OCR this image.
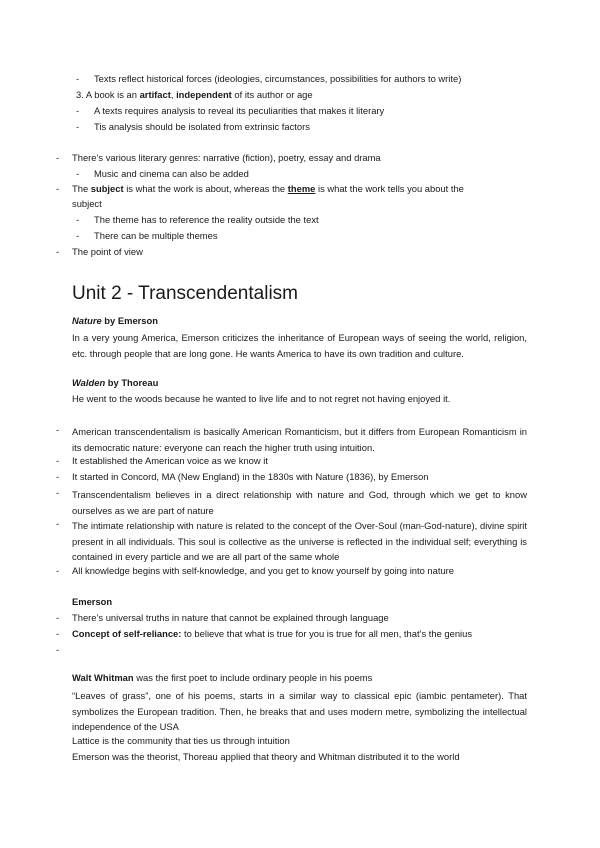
- Texts reflect historical forces (ideologies, circumstances, possibilities for authors to write)
3. A book is an artifact, independent of its author or age
- A texts requires analysis to reveal its peculiarities that makes it literary
- Tis analysis should be isolated from extrinsic factors
- There’s various literary genres: narrative (fiction), poetry, essay and drama
- Music and cinema can also be added
- The subject is what the work is about, whereas the theme is what the work tells you about the
subject
- The theme has to reference the reality outside the text
- There can be multiple themes
- The point of view
Unit 2 - Transcendentalism
Nature by Emerson
In a very young America, Emerson criticizes the inheritance of European ways of seeing the world, religion, etc. through people that are long gone. He wants America to have its own tradition and culture.
Walden by Thoreau
He went to the woods because he wanted to live life and to not regret not having enjoyed it.
- American transcendentalism is basically American Romanticism, but it differs from European Romanticism in its democratic nature: everyone can reach the higher truth using intuition.
- It established the American voice as we know it
- It started in Concord, MA (New England) in the 1830s with Nature (1836), by Emerson
- Transcendentalism believes in a direct relationship with nature and God, through which we get to know ourselves as we are part of nature
- The intimate relationship with nature is related to the concept of the Over-Soul (man-God-nature), divine spirit present in all individuals. This soul is collective as the universe is reflected in the individual self; everything is contained in every particle and we are all part of the same whole
- All knowledge begins with self-knowledge, and you get to know yourself by going into nature
Emerson
- There’s universal truths in nature that cannot be explained through language
- Concept of self-reliance: to believe that what is true for you is true for all men, that’s the genius
-
Walt Whitman was the first poet to include ordinary people in his poems
“Leaves of grass”, one of his poems, starts in a similar way to classical epic (iambic pentameter). That symbolizes the European tradition. Then, he breaks that and uses modern metre, symbolizing the intellectual independence of the USA
Lattice is the community that ties us through intuition
Emerson was the theorist, Thoreau applied that theory and Whitman distributed it to the world
